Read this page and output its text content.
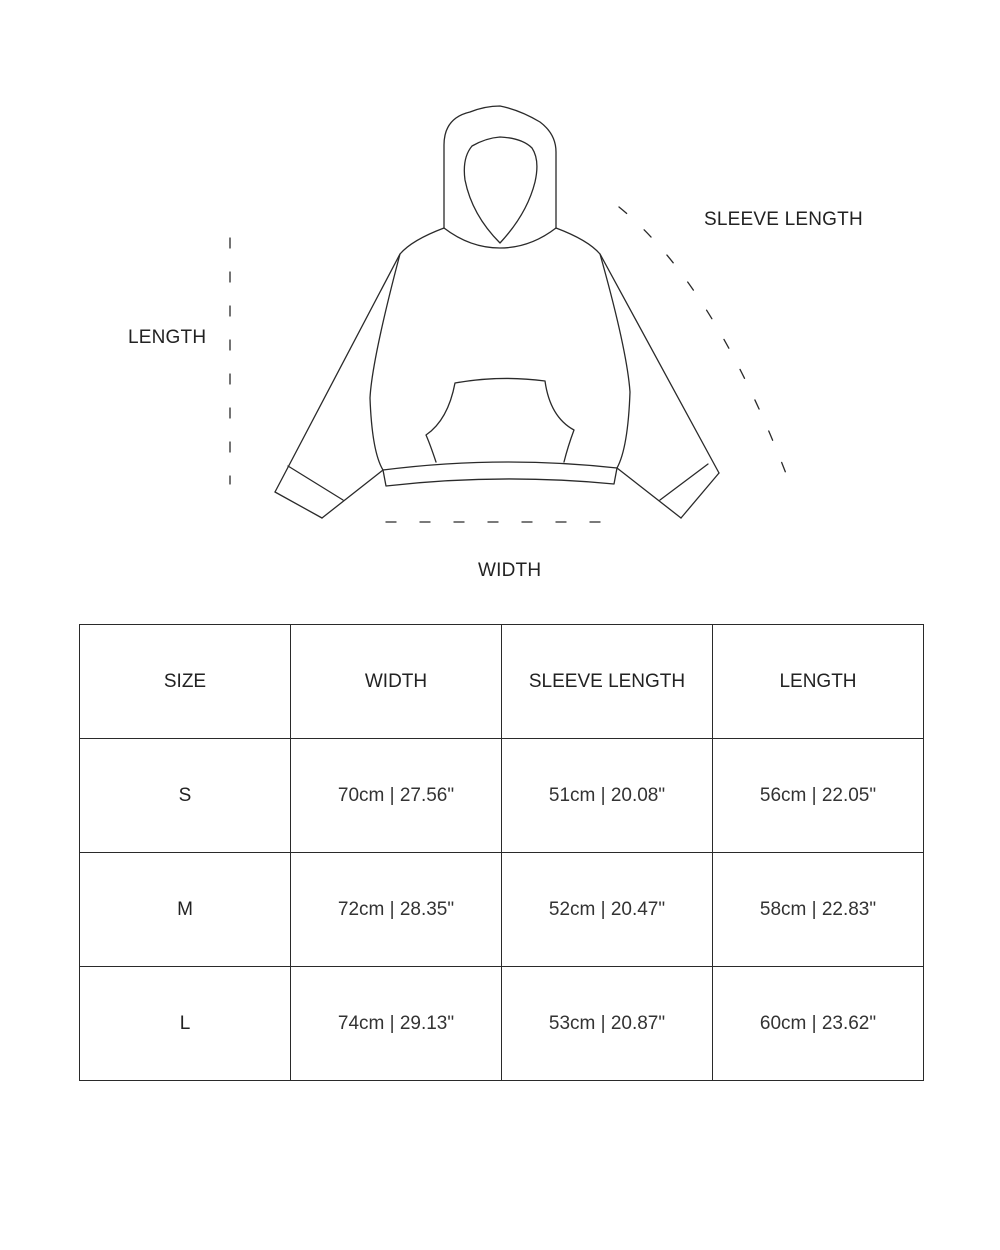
LENGTH
SLEEVE LENGTH
WIDTH
SIZE	WIDTH	SLEEVE LENGTH	LENGTH
S	70cm | 27.56"	51cm | 20.08"	56cm | 22.05"
M	72cm | 28.35"	52cm | 20.47"	58cm | 22.83"
L	74cm | 29.13"	53cm | 20.87"	60cm | 23.62"
